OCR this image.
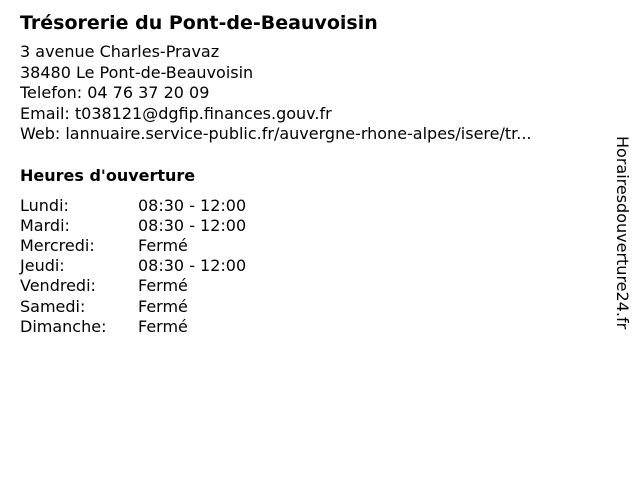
Trésorerie du Pont-de-Beauvoisin
3 avenue Charles-Pravaz
38480 Le Pont-de-Beauvoisin
Telefon: 04 76 37 20 09
Email: t038121@dgfip.finances.gouv.fr
Web: lannuaire.service-public.fr/auvergne-rhone-alpes/isere/tr...
Heures d'ouverture
Lundi:	08:30 - 12:00
Mardi:	08:30 - 12:00
Mercredi:	Fermé
Jeudi:	08:30 - 12:00
Vendredi:	Fermé
Samedi:	Fermé
Dimanche:	Fermé	Horairesdouverture24.fr
